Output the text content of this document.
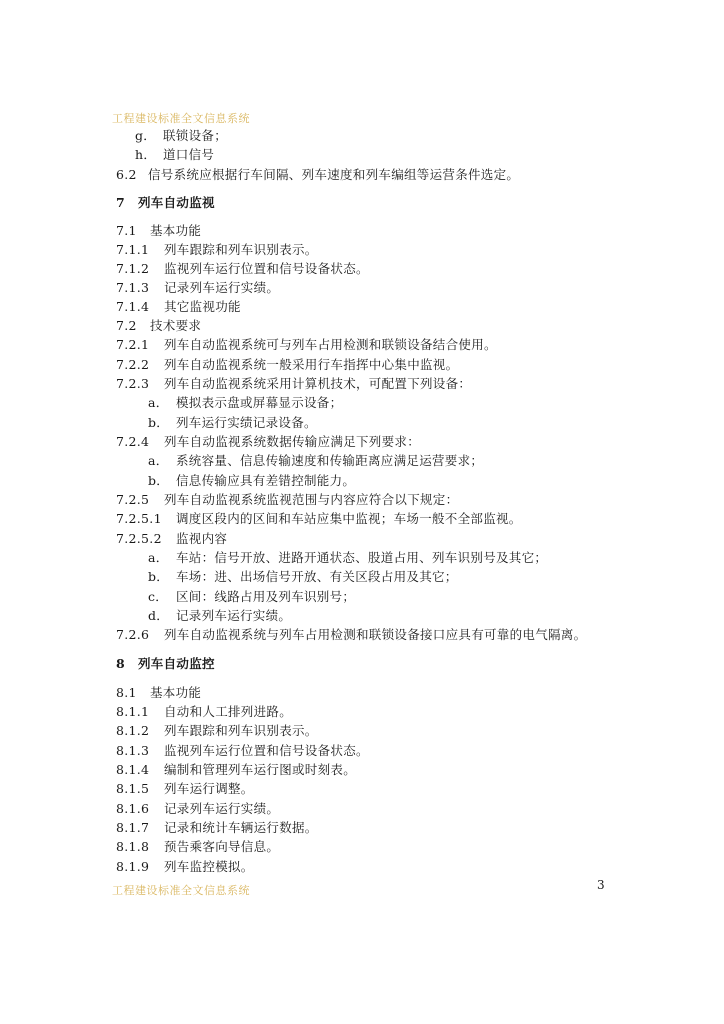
工程建设标准全文信息系统
g． 联锁设备；
h． 道口信号
6.2 信号系统应根据行车间隔、列车速度和列车编组等运营条件选定。
7 列车自动监视
7.1 基本功能
7.1.1 列车跟踪和列车识别表示。
7.1.2 监视列车运行位置和信号设备状态。
7.1.3 记录列车运行实绩。
7.1.4 其它监视功能
7.2 技术要求
7.2.1 列车自动监视系统可与列车占用检测和联锁设备结合使用。
7.2.2 列车自动监视系统一般采用行车指挥中心集中监视。
7.2.3 列车自动监视系统采用计算机技术，可配置下列设备：
a． 模拟表示盘或屏幕显示设备；
b． 列车运行实绩记录设备。
7.2.4 列车自动监视系统数据传输应满足下列要求：
a． 系统容量、信息传输速度和传输距离应满足运营要求；
b． 信息传输应具有差错控制能力。
7.2.5 列车自动监视系统监视范围与内容应符合以下规定：
7.2.5.1 调度区段内的区间和车站应集中监视；车场一般不全部监视。
7.2.5.2 监视内容
a． 车站：信号开放、进路开通状态、股道占用、列车识别号及其它；
b． 车场：进、出场信号开放、有关区段占用及其它；
c． 区间：线路占用及列车识别号；
d． 记录列车运行实绩。
7.2.6 列车自动监视系统与列车占用检测和联锁设备接口应具有可靠的电气隔离。
8 列车自动监控
8.1 基本功能
8.1.1 自动和人工排列进路。
8.1.2 列车跟踪和列车识别表示。
8.1.3 监视列车运行位置和信号设备状态。
8.1.4 编制和管理列车运行图或时刻表。
8.1.5 列车运行调整。
8.1.6 记录列车运行实绩。
8.1.7 记录和统计车辆运行数据。
8.1.8 预告乘客向导信息。
8.1.9 列车监控模拟。
工程建设标准全文信息系统	3
